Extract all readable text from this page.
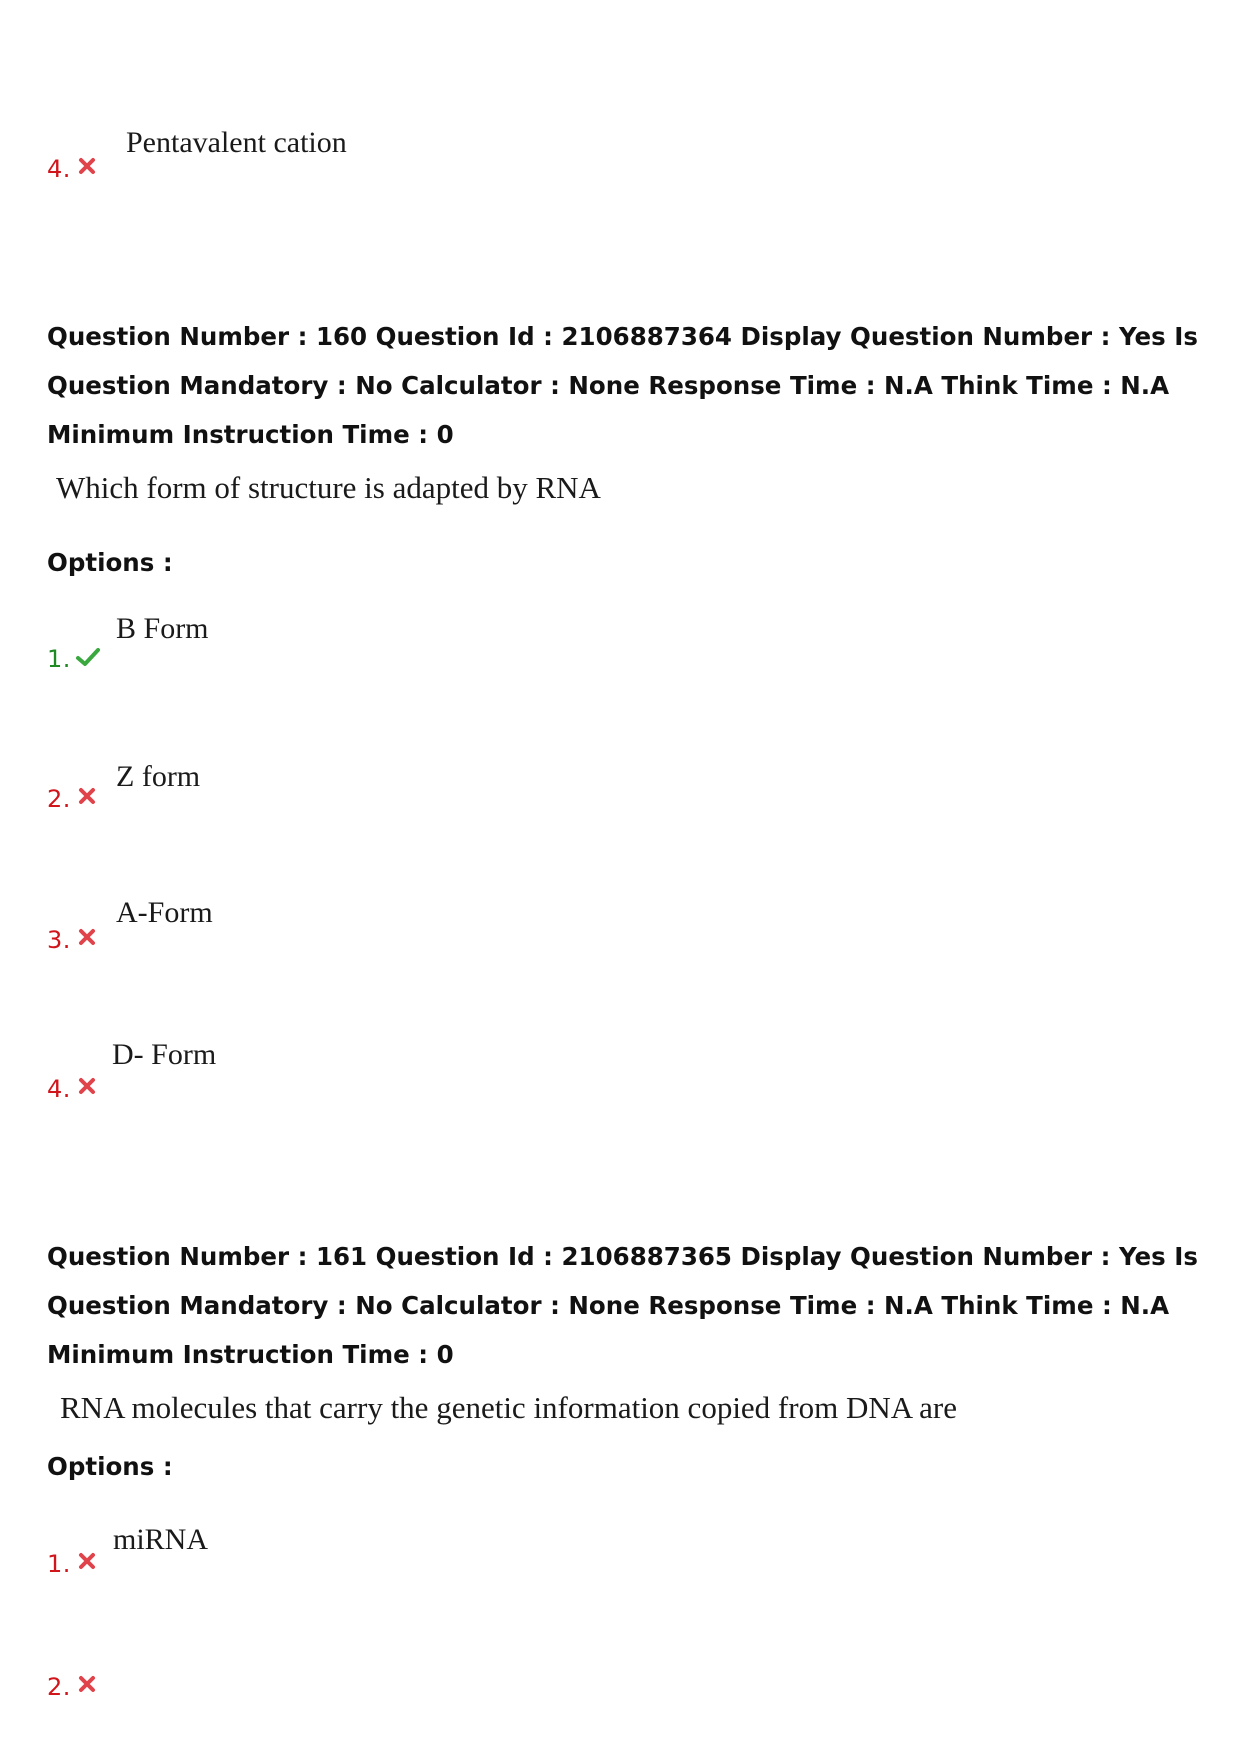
Pentavalent cation
4.
Question Number : 160 Question Id : 2106887364 Display Question Number : Yes Is Question Mandatory : No Calculator : None Response Time : N.A Think Time : N.A Minimum Instruction Time : 0
Which form of structure is adapted by RNA
Options :
B Form
1.
Z form
2.
A-Form
3.
D- Form
4.
Question Number : 161 Question Id : 2106887365 Display Question Number : Yes Is Question Mandatory : No Calculator : None Response Time : N.A Think Time : N.A Minimum Instruction Time : 0
RNA molecules that carry the genetic information copied from DNA are
Options :
miRNA
1.
2.
